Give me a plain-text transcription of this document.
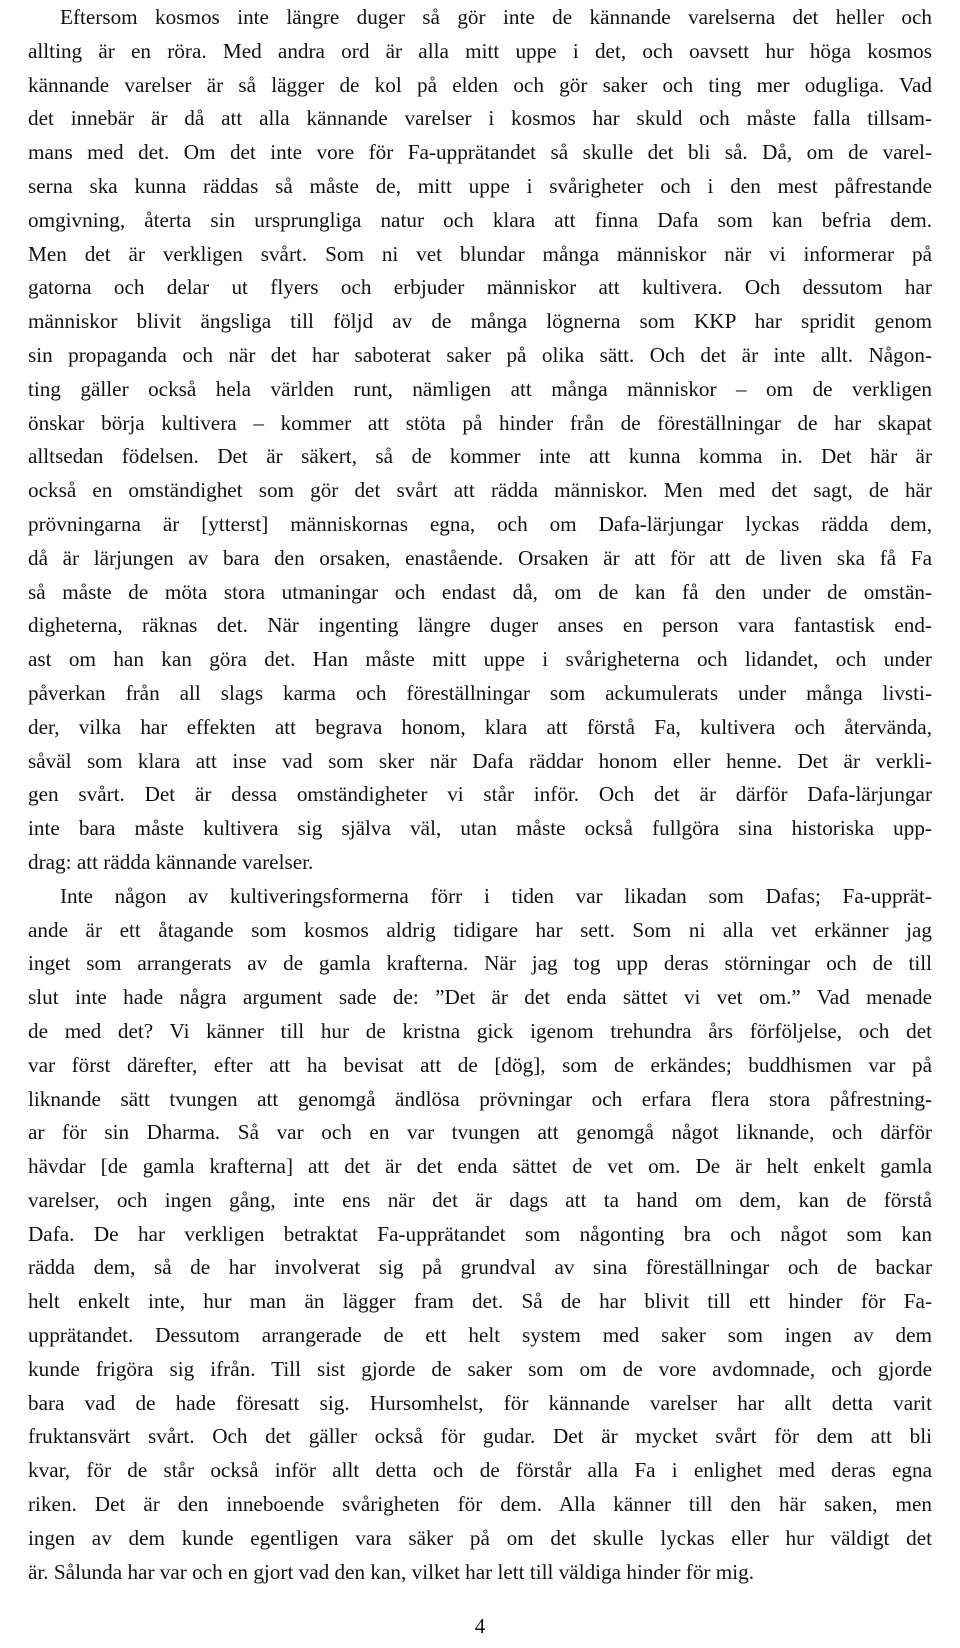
Eftersom kosmos inte längre duger så gör inte de kännande varelserna det heller och
allting är en röra. Med andra ord är alla mitt uppe i det, och oavsett hur höga kosmos
kännande varelser är så lägger de kol på elden och gör saker och ting mer odugliga. Vad
det innebär är då att alla kännande varelser i kosmos har skuld och måste falla tillsam-
mans med det. Om det inte vore för Fa-upprätandet så skulle det bli så. Då, om de varel-
serna ska kunna räddas så måste de, mitt uppe i svårigheter och i den mest påfrestande
omgivning, återta sin ursprungliga natur och klara att finna Dafa som kan befria dem.
Men det är verkligen svårt. Som ni vet blundar många människor när vi informerar på
gatorna och delar ut flyers och erbjuder människor att kultivera. Och dessutom har
människor blivit ängsliga till följd av de många lögnerna som KKP har spridit genom
sin propaganda och när det har saboterat saker på olika sätt. Och det är inte allt. Någon-
ting gäller också hela världen runt, nämligen att många människor – om de verkligen
önskar börja kultivera – kommer att stöta på hinder från de föreställningar de har skapat
alltsedan födelsen. Det är säkert, så de kommer inte att kunna komma in. Det här är
också en omständighet som gör det svårt att rädda människor. Men med det sagt, de här
prövningarna är [ytterst] människornas egna, och om Dafa-lärjungar lyckas rädda dem,
då är lärjungen av bara den orsaken, enastående. Orsaken är att för att de liven ska få Fa
så måste de möta stora utmaningar och endast då, om de kan få den under de omstän-
digheterna, räknas det. När ingenting längre duger anses en person vara fantastisk end-
ast om han kan göra det. Han måste mitt uppe i svårigheterna och lidandet, och under
påverkan från all slags karma och föreställningar som ackumulerats under många livsti-
der, vilka har effekten att begrava honom, klara att förstå Fa, kultivera och återvända,
såväl som klara att inse vad som sker när Dafa räddar honom eller henne. Det är verkli-
gen svårt. Det är dessa omständigheter vi står inför. Och det är därför Dafa-lärjungar
inte bara måste kultivera sig själva väl, utan måste också fullgöra sina historiska upp-
drag: att rädda kännande varelser.
Inte någon av kultiveringsformerna förr i tiden var likadan som Dafas; Fa-upprät-
ande är ett åtagande som kosmos aldrig tidigare har sett. Som ni alla vet erkänner jag
inget som arrangerats av de gamla krafterna. När jag tog upp deras störningar och de till
slut inte hade några argument sade de: ”Det är det enda sättet vi vet om.” Vad menade
de med det? Vi känner till hur de kristna gick igenom trehundra års förföljelse, och det
var först därefter, efter att ha bevisat att de [dög], som de erkändes; buddhismen var på
liknande sätt tvungen att genomgå ändlösa prövningar och erfara flera stora påfrestning-
ar för sin Dharma. Så var och en var tvungen att genomgå något liknande, och därför
hävdar [de gamla krafterna] att det är det enda sättet de vet om. De är helt enkelt gamla
varelser, och ingen gång, inte ens när det är dags att ta hand om dem, kan de förstå
Dafa. De har verkligen betraktat Fa-upprätandet som någonting bra och något som kan
rädda dem, så de har involverat sig på grundval av sina föreställningar och de backar
helt enkelt inte, hur man än lägger fram det. Så de har blivit till ett hinder för Fa-
upprätandet. Dessutom arrangerade de ett helt system med saker som ingen av dem
kunde frigöra sig ifrån. Till sist gjorde de saker som om de vore avdomnade, och gjorde
bara vad de hade föresatt sig. Hursomhelst, för kännande varelser har allt detta varit
fruktansvärt svårt. Och det gäller också för gudar. Det är mycket svårt för dem att bli
kvar, för de står också inför allt detta och de förstår alla Fa i enlighet med deras egna
riken. Det är den inneboende svårigheten för dem. Alla känner till den här saken, men
ingen av dem kunde egentligen vara säker på om det skulle lyckas eller hur väldigt det
är. Sålunda har var och en gjort vad den kan, vilket har lett till väldiga hinder för mig.
4
